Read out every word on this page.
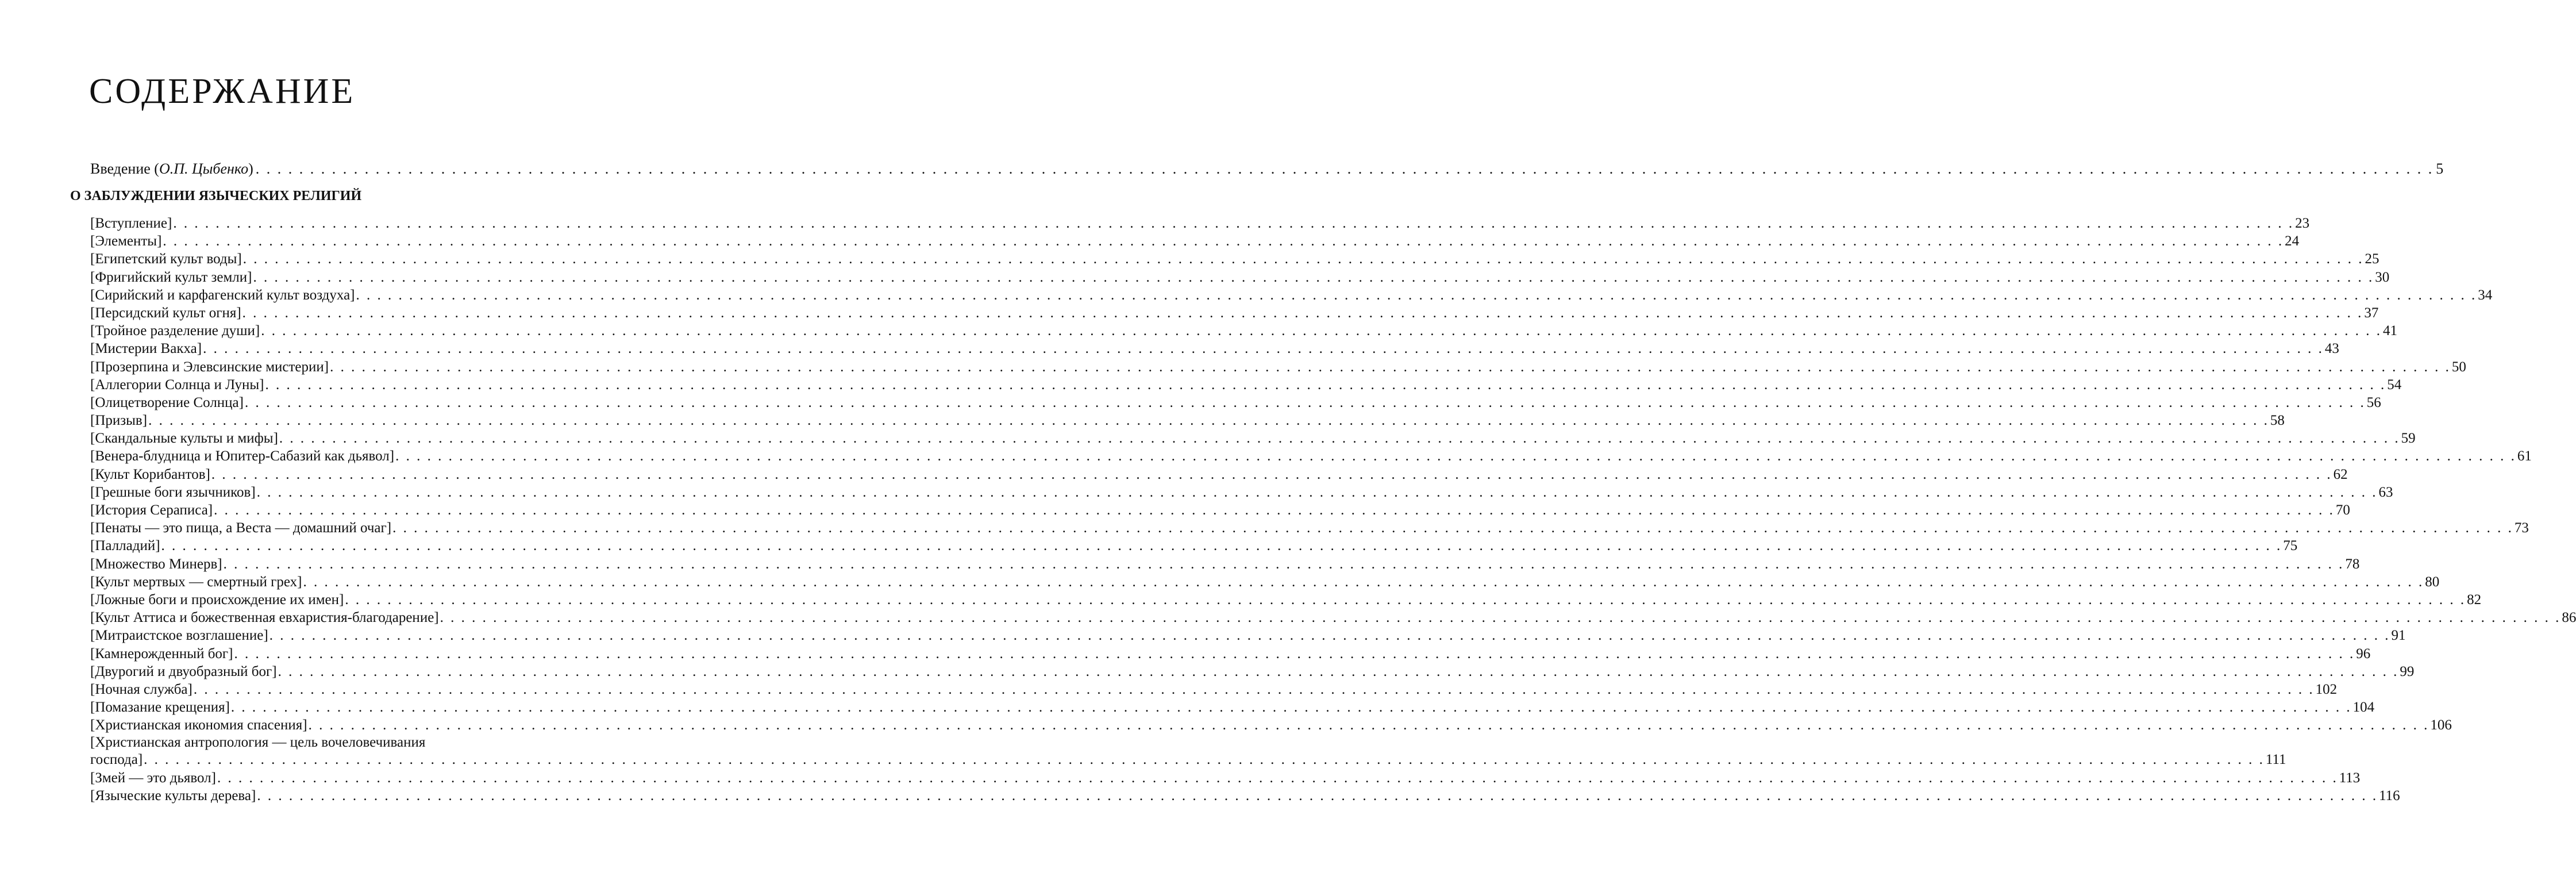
СОДЕРЖАНИЕ
Введение (О.П. Цыбенко) . . . . . . . . . . . . . . . . . . . . . . . . . . . . . . . . . . . . . . . . . . . . . . . . . . . . . . . . . . . . . . . . . . . . . . . . . . . . . . . . . . . . . . . . . . . . . . . . . . . . . . . . . . . . . . . . . . . . . . . . . . . . . . . . . . . . . . . . . . . . . . . . . . . . . . . . . . . . . . . . . . . . . . . . . . . . . . . . . . . . . . . . . . . . . . . . . . . . . . . . 5
О ЗАБЛУЖДЕНИИ ЯЗЫЧЕСКИХ РЕЛИГИЙ
[Вступление] . . . . . . . . . . . . . . . . . . . . . . . . . . . . . . . . . . . . . . . . . . . . . . . . . . . . . . . . . . . . . . . . . . . . . . . . . . . . . . . . . . . . . . . . . . . . . . . . . . . . . . . . . . . . . . . . . . . . . . . . . . . . . . . . . . . . . . . . . . . . . . . . . . . . . . . . . . . . . . . . . . . . . . . . . . . . . . . . . . . . . . . . . . . . . . . . . . . . . . . . 23
[Элементы] . . . . . . . . . . . . . . . . . . . . . . . . . . . . . . . . . . . . . . . . . . . . . . . . . . . . . . . . . . . . . . . . . . . . . . . . . . . . . . . . . . . . . . . . . . . . . . . . . . . . . . . . . . . . . . . . . . . . . . . . . . . . . . . . . . . . . . . . . . . . . . . . . . . . . . . . . . . . . . . . . . . . . . . . . . . . . . . . . . . . . . . . . . . . . . . . . . . . . . . . 24
[Египетский культ воды] . . . . . . . . . . . . . . . . . . . . . . . . . . . . . . . . . . . . . . . . . . . . . . . . . . . . . . . . . . . . . . . . . . . . . . . . . . . . . . . . . . . . . . . . . . . . . . . . . . . . . . . . . . . . . . . . . . . . . . . . . . . . . . . . . . . . . . . . . . . . . . . . . . . . . . . . . . . . . . . . . . . . . . . . . . . . . . . . . . . . . . . . . . . . . . . . . . . . . . . . 25
[Фригийский культ земли] . . . . . . . . . . . . . . . . . . . . . . . . . . . . . . . . . . . . . . . . . . . . . . . . . . . . . . . . . . . . . . . . . . . . . . . . . . . . . . . . . . . . . . . . . . . . . . . . . . . . . . . . . . . . . . . . . . . . . . . . . . . . . . . . . . . . . . . . . . . . . . . . . . . . . . . . . . . . . . . . . . . . . . . . . . . . . . . . . . . . . . . . . . . . . . . . . . . . . . . . 30
[Сирийский и карфагенский культ воздуха] . . . . . . . . . . . . . . . . . . . . . . . . . . . . . . . . . . . . . . . . . . . . . . . . . . . . . . . . . . . . . . . . . . . . . . . . . . . . . . . . . . . . . . . . . . . . . . . . . . . . . . . . . . . . . . . . . . . . . . . . . . . . . . . . . . . . . . . . . . . . . . . . . . . . . . . . . . . . . . . . . . . . . . . . . . . . . . . . . . . . . . . . . . . . . . . . . . . . . . . . 34
[Персидский культ огня] . . . . . . . . . . . . . . . . . . . . . . . . . . . . . . . . . . . . . . . . . . . . . . . . . . . . . . . . . . . . . . . . . . . . . . . . . . . . . . . . . . . . . . . . . . . . . . . . . . . . . . . . . . . . . . . . . . . . . . . . . . . . . . . . . . . . . . . . . . . . . . . . . . . . . . . . . . . . . . . . . . . . . . . . . . . . . . . . . . . . . . . . . . . . . . . . . . . . . . . . 37
[Тройное разделение души] . . . . . . . . . . . . . . . . . . . . . . . . . . . . . . . . . . . . . . . . . . . . . . . . . . . . . . . . . . . . . . . . . . . . . . . . . . . . . . . . . . . . . . . . . . . . . . . . . . . . . . . . . . . . . . . . . . . . . . . . . . . . . . . . . . . . . . . . . . . . . . . . . . . . . . . . . . . . . . . . . . . . . . . . . . . . . . . . . . . . . . . . . . . . . . . . . . . . . . . . 41
[Мистерии Вакха] . . . . . . . . . . . . . . . . . . . . . . . . . . . . . . . . . . . . . . . . . . . . . . . . . . . . . . . . . . . . . . . . . . . . . . . . . . . . . . . . . . . . . . . . . . . . . . . . . . . . . . . . . . . . . . . . . . . . . . . . . . . . . . . . . . . . . . . . . . . . . . . . . . . . . . . . . . . . . . . . . . . . . . . . . . . . . . . . . . . . . . . . . . . . . . . . . . . . . . . . 43
[Прозерпина и Элевсинские мистерии] . . . . . . . . . . . . . . . . . . . . . . . . . . . . . . . . . . . . . . . . . . . . . . . . . . . . . . . . . . . . . . . . . . . . . . . . . . . . . . . . . . . . . . . . . . . . . . . . . . . . . . . . . . . . . . . . . . . . . . . . . . . . . . . . . . . . . . . . . . . . . . . . . . . . . . . . . . . . . . . . . . . . . . . . . . . . . . . . . . . . . . . . . . . . . . . . . . . . . . . . 50
[Аллегории Солнца и Луны] . . . . . . . . . . . . . . . . . . . . . . . . . . . . . . . . . . . . . . . . . . . . . . . . . . . . . . . . . . . . . . . . . . . . . . . . . . . . . . . . . . . . . . . . . . . . . . . . . . . . . . . . . . . . . . . . . . . . . . . . . . . . . . . . . . . . . . . . . . . . . . . . . . . . . . . . . . . . . . . . . . . . . . . . . . . . . . . . . . . . . . . . . . . . . . . . . . . . . . . . 54
[Олицетворение Солнца] . . . . . . . . . . . . . . . . . . . . . . . . . . . . . . . . . . . . . . . . . . . . . . . . . . . . . . . . . . . . . . . . . . . . . . . . . . . . . . . . . . . . . . . . . . . . . . . . . . . . . . . . . . . . . . . . . . . . . . . . . . . . . . . . . . . . . . . . . . . . . . . . . . . . . . . . . . . . . . . . . . . . . . . . . . . . . . . . . . . . . . . . . . . . . . . . . . . . . . . . 56
[Призыв] . . . . . . . . . . . . . . . . . . . . . . . . . . . . . . . . . . . . . . . . . . . . . . . . . . . . . . . . . . . . . . . . . . . . . . . . . . . . . . . . . . . . . . . . . . . . . . . . . . . . . . . . . . . . . . . . . . . . . . . . . . . . . . . . . . . . . . . . . . . . . . . . . . . . . . . . . . . . . . . . . . . . . . . . . . . . . . . . . . . . . . . . . . . . . . . . . . . . . . . . 58
[Скандальные культы и мифы] . . . . . . . . . . . . . . . . . . . . . . . . . . . . . . . . . . . . . . . . . . . . . . . . . . . . . . . . . . . . . . . . . . . . . . . . . . . . . . . . . . . . . . . . . . . . . . . . . . . . . . . . . . . . . . . . . . . . . . . . . . . . . . . . . . . . . . . . . . . . . . . . . . . . . . . . . . . . . . . . . . . . . . . . . . . . . . . . . . . . . . . . . . . . . . . . . . . . . . . . 59
[Венера-блудница и Юпитер-Сабазий как дьявол] . . . . . . . . . . . . . . . . . . . . . . . . . . . . . . . . . . . . . . . . . . . . . . . . . . . . . . . . . . . . . . . . . . . . . . . . . . . . . . . . . . . . . . . . . . . . . . . . . . . . . . . . . . . . . . . . . . . . . . . . . . . . . . . . . . . . . . . . . . . . . . . . . . . . . . . . . . . . . . . . . . . . . . . . . . . . . . . . . . . . . . . . . . . . . . . . . . . . . . . . 61
[Культ Корибантов] . . . . . . . . . . . . . . . . . . . . . . . . . . . . . . . . . . . . . . . . . . . . . . . . . . . . . . . . . . . . . . . . . . . . . . . . . . . . . . . . . . . . . . . . . . . . . . . . . . . . . . . . . . . . . . . . . . . . . . . . . . . . . . . . . . . . . . . . . . . . . . . . . . . . . . . . . . . . . . . . . . . . . . . . . . . . . . . . . . . . . . . . . . . . . . . . . . . . . . . . 62
[Грешные боги язычников] . . . . . . . . . . . . . . . . . . . . . . . . . . . . . . . . . . . . . . . . . . . . . . . . . . . . . . . . . . . . . . . . . . . . . . . . . . . . . . . . . . . . . . . . . . . . . . . . . . . . . . . . . . . . . . . . . . . . . . . . . . . . . . . . . . . . . . . . . . . . . . . . . . . . . . . . . . . . . . . . . . . . . . . . . . . . . . . . . . . . . . . . . . . . . . . . . . . . . . . . 63
[История Сераписа] . . . . . . . . . . . . . . . . . . . . . . . . . . . . . . . . . . . . . . . . . . . . . . . . . . . . . . . . . . . . . . . . . . . . . . . . . . . . . . . . . . . . . . . . . . . . . . . . . . . . . . . . . . . . . . . . . . . . . . . . . . . . . . . . . . . . . . . . . . . . . . . . . . . . . . . . . . . . . . . . . . . . . . . . . . . . . . . . . . . . . . . . . . . . . . . . . . . . . . . . 70
[Пенаты — это пища, а Веста — домашний очаг] . . . . . . . . . . . . . . . . . . . . . . . . . . . . . . . . . . . . . . . . . . . . . . . . . . . . . . . . . . . . . . . . . . . . . . . . . . . . . . . . . . . . . . . . . . . . . . . . . . . . . . . . . . . . . . . . . . . . . . . . . . . . . . . . . . . . . . . . . . . . . . . . . . . . . . . . . . . . . . . . . . . . . . . . . . . . . . . . . . . . . . . . . . . . . . . . . . . . . . . . 73
[Палладий] . . . . . . . . . . . . . . . . . . . . . . . . . . . . . . . . . . . . . . . . . . . . . . . . . . . . . . . . . . . . . . . . . . . . . . . . . . . . . . . . . . . . . . . . . . . . . . . . . . . . . . . . . . . . . . . . . . . . . . . . . . . . . . . . . . . . . . . . . . . . . . . . . . . . . . . . . . . . . . . . . . . . . . . . . . . . . . . . . . . . . . . . . . . . . . . . . . . . . . . . 75
[Множество Минерв] . . . . . . . . . . . . . . . . . . . . . . . . . . . . . . . . . . . . . . . . . . . . . . . . . . . . . . . . . . . . . . . . . . . . . . . . . . . . . . . . . . . . . . . . . . . . . . . . . . . . . . . . . . . . . . . . . . . . . . . . . . . . . . . . . . . . . . . . . . . . . . . . . . . . . . . . . . . . . . . . . . . . . . . . . . . . . . . . . . . . . . . . . . . . . . . . . . . . . . . . 78
[Культ мертвых — смертный грех] . . . . . . . . . . . . . . . . . . . . . . . . . . . . . . . . . . . . . . . . . . . . . . . . . . . . . . . . . . . . . . . . . . . . . . . . . . . . . . . . . . . . . . . . . . . . . . . . . . . . . . . . . . . . . . . . . . . . . . . . . . . . . . . . . . . . . . . . . . . . . . . . . . . . . . . . . . . . . . . . . . . . . . . . . . . . . . . . . . . . . . . . . . . . . . . . . . . . . . . . 80
[Ложные боги и происхождение их имен] . . . . . . . . . . . . . . . . . . . . . . . . . . . . . . . . . . . . . . . . . . . . . . . . . . . . . . . . . . . . . . . . . . . . . . . . . . . . . . . . . . . . . . . . . . . . . . . . . . . . . . . . . . . . . . . . . . . . . . . . . . . . . . . . . . . . . . . . . . . . . . . . . . . . . . . . . . . . . . . . . . . . . . . . . . . . . . . . . . . . . . . . . . . . . . . . . . . . . . . . 82
[Культ Аттиса и божественная евхаристия-благодарение] . . . . . . . . . . . . . . . . . . . . . . . . . . . . . . . . . . . . . . . . . . . . . . . . . . . . . . . . . . . . . . . . . . . . . . . . . . . . . . . . . . . . . . . . . . . . . . . . . . . . . . . . . . . . . . . . . . . . . . . . . . . . . . . . . . . . . . . . . . . . . . . . . . . . . . . . . . . . . . . . . . . . . . . . . . . . . . . . . . . . . . . . . . . . . . . . . . . . . . . . 86
[Митраистское возглашение] . . . . . . . . . . . . . . . . . . . . . . . . . . . . . . . . . . . . . . . . . . . . . . . . . . . . . . . . . . . . . . . . . . . . . . . . . . . . . . . . . . . . . . . . . . . . . . . . . . . . . . . . . . . . . . . . . . . . . . . . . . . . . . . . . . . . . . . . . . . . . . . . . . . . . . . . . . . . . . . . . . . . . . . . . . . . . . . . . . . . . . . . . . . . . . . . . . . . . . . . 91
[Камнерожденный бог] . . . . . . . . . . . . . . . . . . . . . . . . . . . . . . . . . . . . . . . . . . . . . . . . . . . . . . . . . . . . . . . . . . . . . . . . . . . . . . . . . . . . . . . . . . . . . . . . . . . . . . . . . . . . . . . . . . . . . . . . . . . . . . . . . . . . . . . . . . . . . . . . . . . . . . . . . . . . . . . . . . . . . . . . . . . . . . . . . . . . . . . . . . . . . . . . . . . . . . . . 96
[Двурогий и двуобразный бог] . . . . . . . . . . . . . . . . . . . . . . . . . . . . . . . . . . . . . . . . . . . . . . . . . . . . . . . . . . . . . . . . . . . . . . . . . . . . . . . . . . . . . . . . . . . . . . . . . . . . . . . . . . . . . . . . . . . . . . . . . . . . . . . . . . . . . . . . . . . . . . . . . . . . . . . . . . . . . . . . . . . . . . . . . . . . . . . . . . . . . . . . . . . . . . . . . . . . . . . . 99
[Ночная служба] . . . . . . . . . . . . . . . . . . . . . . . . . . . . . . . . . . . . . . . . . . . . . . . . . . . . . . . . . . . . . . . . . . . . . . . . . . . . . . . . . . . . . . . . . . . . . . . . . . . . . . . . . . . . . . . . . . . . . . . . . . . . . . . . . . . . . . . . . . . . . . . . . . . . . . . . . . . . . . . . . . . . . . . . . . . . . . . . . . . . . . . . . . . . . . . . . . . . . . . . 102
[Помазание крещения] . . . . . . . . . . . . . . . . . . . . . . . . . . . . . . . . . . . . . . . . . . . . . . . . . . . . . . . . . . . . . . . . . . . . . . . . . . . . . . . . . . . . . . . . . . . . . . . . . . . . . . . . . . . . . . . . . . . . . . . . . . . . . . . . . . . . . . . . . . . . . . . . . . . . . . . . . . . . . . . . . . . . . . . . . . . . . . . . . . . . . . . . . . . . . . . . . . . . . . . . 104
[Христианская икономия спасения] . . . . . . . . . . . . . . . . . . . . . . . . . . . . . . . . . . . . . . . . . . . . . . . . . . . . . . . . . . . . . . . . . . . . . . . . . . . . . . . . . . . . . . . . . . . . . . . . . . . . . . . . . . . . . . . . . . . . . . . . . . . . . . . . . . . . . . . . . . . . . . . . . . . . . . . . . . . . . . . . . . . . . . . . . . . . . . . . . . . . . . . . . . . . . . . . . . . . . . . . 106
[Христианская антропология — цель вочеловечивания
господа] . . . . . . . . . . . . . . . . . . . . . . . . . . . . . . . . . . . . . . . . . . . . . . . . . . . . . . . . . . . . . . . . . . . . . . . . . . . . . . . . . . . . . . . . . . . . . . . . . . . . . . . . . . . . . . . . . . . . . . . . . . . . . . . . . . . . . . . . . . . . . . . . . . . . . . . . . . . . . . . . . . . . . . . . . . . . . . . . . . . . . . . . . . . . . . . . . . . . . . . . 111
[Змей — это дьявол] . . . . . . . . . . . . . . . . . . . . . . . . . . . . . . . . . . . . . . . . . . . . . . . . . . . . . . . . . . . . . . . . . . . . . . . . . . . . . . . . . . . . . . . . . . . . . . . . . . . . . . . . . . . . . . . . . . . . . . . . . . . . . . . . . . . . . . . . . . . . . . . . . . . . . . . . . . . . . . . . . . . . . . . . . . . . . . . . . . . . . . . . . . . . . . . . . . . . . . . . 113
[Языческие культы дерева] . . . . . . . . . . . . . . . . . . . . . . . . . . . . . . . . . . . . . . . . . . . . . . . . . . . . . . . . . . . . . . . . . . . . . . . . . . . . . . . . . . . . . . . . . . . . . . . . . . . . . . . . . . . . . . . . . . . . . . . . . . . . . . . . . . . . . . . . . . . . . . . . . . . . . . . . . . . . . . . . . . . . . . . . . . . . . . . . . . . . . . . . . . . . . . . . . . . . . . . . 116
